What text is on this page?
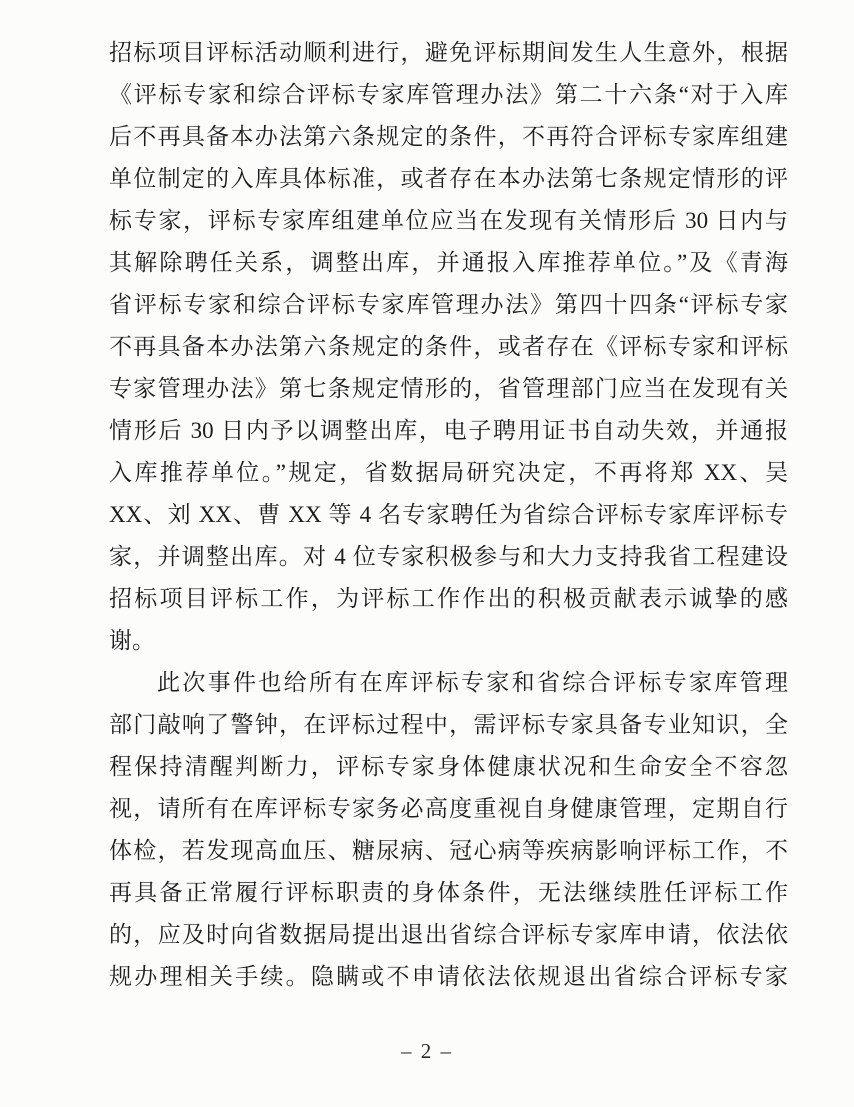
招标项目评标活动顺利进行，避免评标期间发生人生意外，根据
《评标专家和综合评标专家库管理办法》第二十六条“对于入库
后不再具备本办法第六条规定的条件，不再符合评标专家库组建
单位制定的入库具体标准，或者存在本办法第七条规定情形的评
标专家，评标专家库组建单位应当在发现有关情形后 30 日内与
其解除聘任关系，调整出库，并通报入库推荐单位。”及《青海
省评标专家和综合评标专家库管理办法》第四十四条“评标专家
不再具备本办法第六条规定的条件，或者存在《评标专家和评标
专家管理办法》第七条规定情形的，省管理部门应当在发现有关
情形后 30 日内予以调整出库，电子聘用证书自动失效，并通报
入库推荐单位。”规定，省数据局研究决定，不再将郑 XX、吴
XX、刘 XX、曹 XX 等 4 名专家聘任为省综合评标专家库评标专
家，并调整出库。对 4 位专家积极参与和大力支持我省工程建设
招标项目评标工作，为评标工作作出的积极贡献表示诚挚的感
谢。
此次事件也给所有在库评标专家和省综合评标专家库管理
部门敲响了警钟，在评标过程中，需评标专家具备专业知识，全
程保持清醒判断力，评标专家身体健康状况和生命安全不容忽
视，请所有在库评标专家务必高度重视自身健康管理，定期自行
体检，若发现高血压、糖尿病、冠心病等疾病影响评标工作，不
再具备正常履行评标职责的身体条件，无法继续胜任评标工作
的，应及时向省数据局提出退出省综合评标专家库申请，依法依
规办理相关手续。隐瞒或不申请依法依规退出省综合评标专家
– 2 –
